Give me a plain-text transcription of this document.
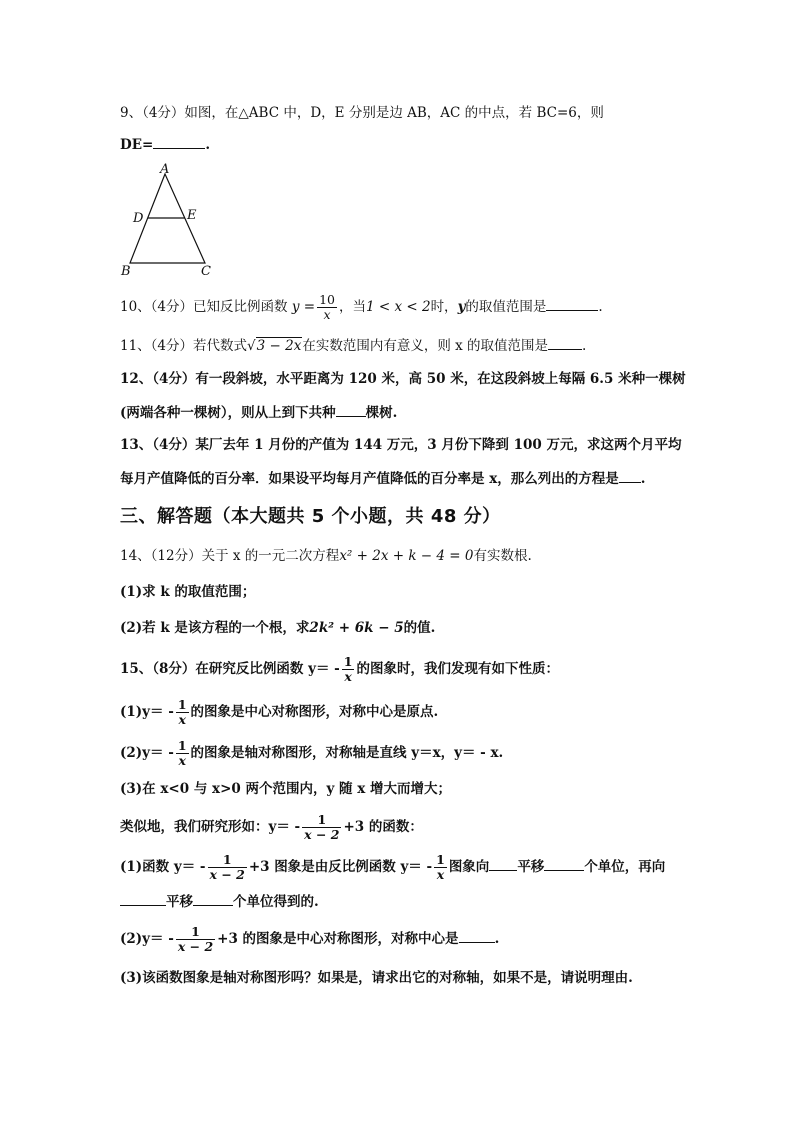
9、（4分）如图，在△ABC 中，D，E 分别是边 AB，AC 的中点，若 BC=6，则
DE=	.
A
D	E
B	C
10、（4分）已知反比例函数 $y = \frac{10}{x}$ ，当1 < x < 2时，y的取值范围是	.
11、（4分）若代数式√3 − 2x在实数范围内有意义，则 x 的取值范围是	.
12、（4分）有一段斜坡，水平距离为 120 米，高 50 米，在这段斜坡上每隔 6.5 米种一棵树
(两端各种一棵树），则从上到下共种 棵树.
13、（4分）某厂去年 1 月份的产值为 144 万元，3 月份下降到 100 万元，求这两个月平均
每月产值降低的百分率．如果设平均每月产值降低的百分率是 x，那么列出的方程是 .
三、解答题（本大题共 5 个小题，共 48 分）
14、（12分）关于 x 的一元二次方程x² + 2x + k − 4 = 0有实数根.
(1)求 k 的取值范围；
(2)若 k 是该方程的一个根，求2k² + 6k − 5的值.
15、（8分）在研究反比例函数 $y= - \frac{1}{x}$ 的图象时，我们发现有如下性质：
$(1)y= - \frac{1}{x}$ 的图象是中心对称图形，对称中心是原点.
$(2)y= - \frac{1}{x}$ 的图象是轴对称图形，对称轴是直线 y＝x，y＝ - x.
(3)在 x<0 与 x>0 两个范围内，y 随 x 增大而增大；
类似地，我们研究形如：$y= - \frac{1}{x - 2} +3$ 的函数：
(1)函数 $y= - \frac{1}{x - 2} +3$ 图象是由反比例函数 $y= - \frac{1}{x}$ 图象向 平移	个单位，再向
平移	个单位得到的.
$(2)y= - \frac{1}{x - 2} +3$ 的图象是中心对称图形，对称中心是	.
(3)该函数图象是轴对称图形吗？如果是，请求出它的对称轴，如果不是，请说明理由.
